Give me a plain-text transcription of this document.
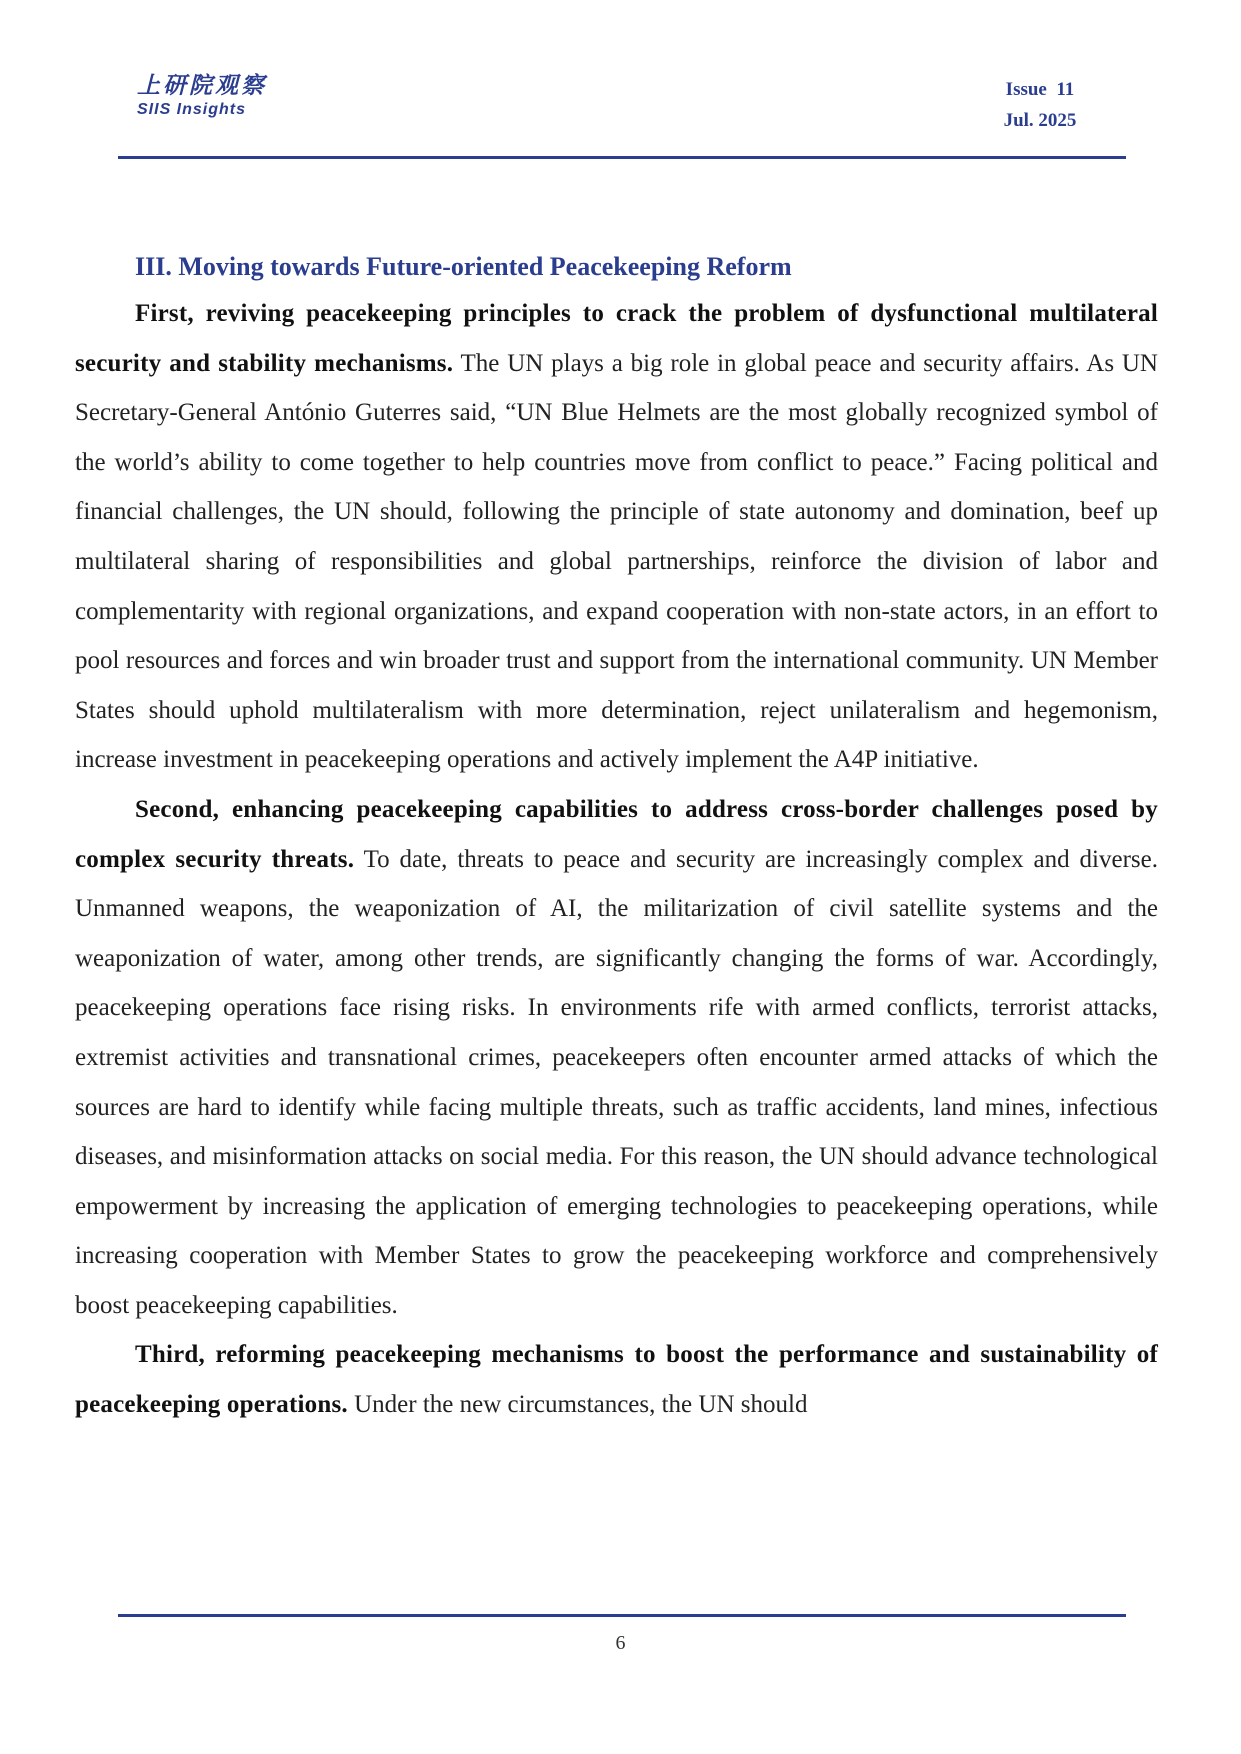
上研院观察
SIIS Insights
Issue  11
Jul. 2025
III. Moving towards Future-oriented Peacekeeping Reform

First, reviving peacekeeping principles to crack the problem of dysfunctional multilateral security and stability mechanisms. The UN plays a big role in global peace and security affairs. As UN Secretary-General António Guterres said, “UN Blue Helmets are the most globally recognized symbol of the world’s ability to come together to help countries move from conflict to peace.” Facing political and financial challenges, the UN should, following the principle of state autonomy and domination, beef up multilateral sharing of responsibilities and global partnerships, reinforce the division of labor and complementarity with regional organizations, and expand cooperation with non-state actors, in an effort to pool resources and forces and win broader trust and support from the international community. UN Member States should uphold multilateralism with more determination, reject unilateralism and hegemonism, increase investment in peacekeeping operations and actively implement the A4P initiative.

Second, enhancing peacekeeping capabilities to address cross-border challenges posed by complex security threats. To date, threats to peace and security are increasingly complex and diverse. Unmanned weapons, the weaponization of AI, the militarization of civil satellite systems and the weaponization of water, among other trends, are significantly changing the forms of war. Accordingly, peacekeeping operations face rising risks. In environments rife with armed conflicts, terrorist attacks, extremist activities and transnational crimes, peacekeepers often encounter armed attacks of which the sources are hard to identify while facing multiple threats, such as traffic accidents, land mines, infectious diseases, and misinformation attacks on social media. For this reason, the UN should advance technological empowerment by increasing the application of emerging technologies to peacekeeping operations, while increasing cooperation with Member States to grow the peacekeeping workforce and comprehensively boost peacekeeping capabilities.

Third, reforming peacekeeping mechanisms to boost the performance and sustainability of peacekeeping operations. Under the new circumstances, the UN should

6
